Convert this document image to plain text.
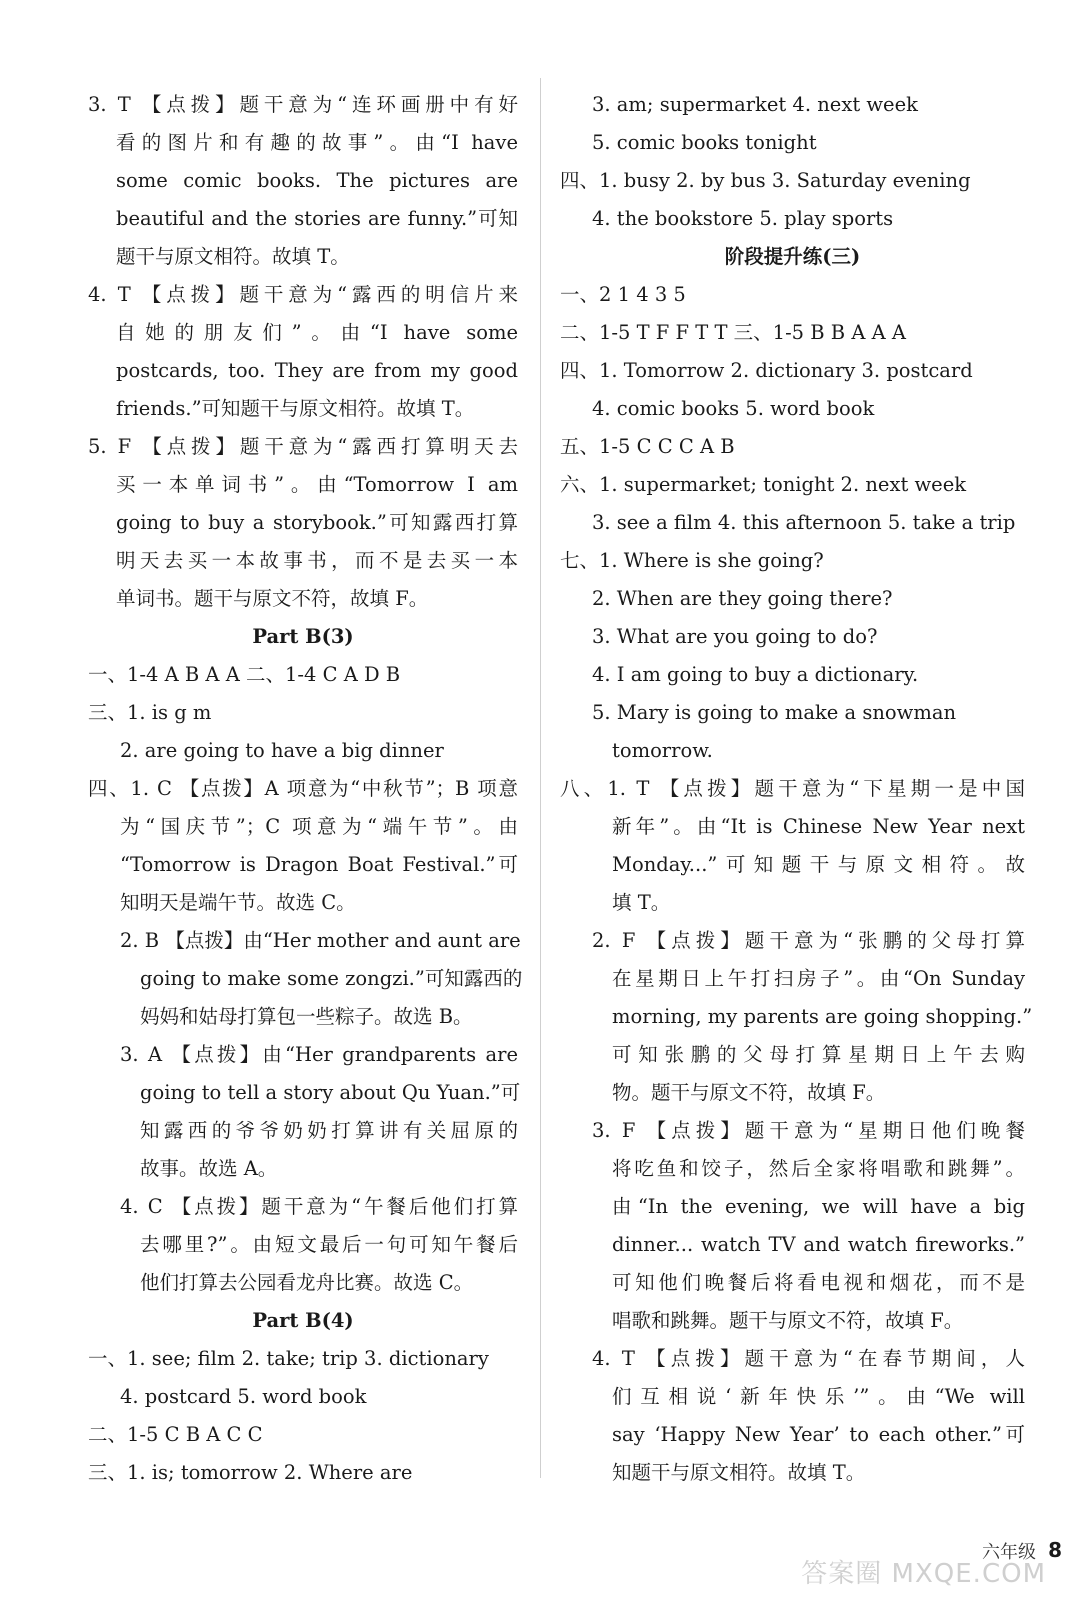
3. T 【点拨】题干意为“连环画册中有好
看的图片和有趣的故事”。由“I have
some comic books. The pictures are
beautiful and the stories are funny.”可知
题干与原文相符。故填 T。
4. T 【点拨】题干意为“露西的明信片来
自她的朋友们”。由“I have some
postcards, too. They are from my good
friends.”可知题干与原文相符。故填 T。
5. F 【点拨】题干意为“露西打算明天去
买一本单词书”。由“Tomorrow I am
going to buy a storybook.”可知露西打算
明天去买一本故事书，而不是去买一本
单词书。题干与原文不符，故填 F。
Part B(3)
一、1-4 A B A A 二、1-4 C A D B
三、1. is g m
2. are going to have a big dinner
四、1. C 【点拨】A 项意为“中秋节”；B 项意
为“国庆节”；C 项意为“端午节”。由
“Tomorrow is Dragon Boat Festival.”可
知明天是端午节。故选 C。
2. B 【点拨】由“Her mother and aunt are
going to make some zongzi.”可知露西的
妈妈和姑母打算包一些粽子。故选 B。
3. A 【点拨】由“Her grandparents are
going to tell a story about Qu Yuan.”可
知露西的爷爷奶奶打算讲有关屈原的
故事。故选 A。
4. C 【点拨】题干意为“午餐后他们打算
去哪里?”。由短文最后一句可知午餐后
他们打算去公园看龙舟比赛。故选 C。
Part B(4)
一、1. see; film 2. take; trip 3. dictionary
4. postcard 5. word book
二、1-5 C B A C C
三、1. is; tomorrow 2. Where are
3. am; supermarket 4. next week
5. comic books tonight
四、1. busy 2. by bus 3. Saturday evening
4. the bookstore 5. play sports
阶段提升练(三)
一、2 1 4 3 5
二、1-5 T F F T T 三、1-5 B B A A A
四、1. Tomorrow 2. dictionary 3. postcard
4. comic books 5. word book
五、1-5 C C C A B
六、1. supermarket; tonight 2. next week
3. see a film 4. this afternoon 5. take a trip
七、1. Where is she going?
2. When are they going there?
3. What are you going to do?
4. I am going to buy a dictionary.
5. Mary is going to make a snowman
tomorrow.
八、1. T 【点拨】题干意为“下星期一是中国
新年”。由“It is Chinese New Year next
Monday...”可知题干与原文相符。故
填 T。
2. F 【点拨】题干意为“张鹏的父母打算
在星期日上午打扫房子”。由“On Sunday
morning, my parents are going shopping.”
可知张鹏的父母打算星期日上午去购
物。题干与原文不符，故填 F。
3. F 【点拨】题干意为“星期日他们晚餐
将吃鱼和饺子，然后全家将唱歌和跳舞”。
由“In the evening, we will have a big
dinner... watch TV and watch fireworks.”
可知他们晚餐后将看电视和烟花，而不是
唱歌和跳舞。题干与原文不符，故填 F。
4. T 【点拨】题干意为“在春节期间，人
们互相说‘新年快乐’”。由“We will
say ‘Happy New Year’ to each other.”可
知题干与原文相符。故填 T。
六年级 8
答案圈 MXQE.COM
